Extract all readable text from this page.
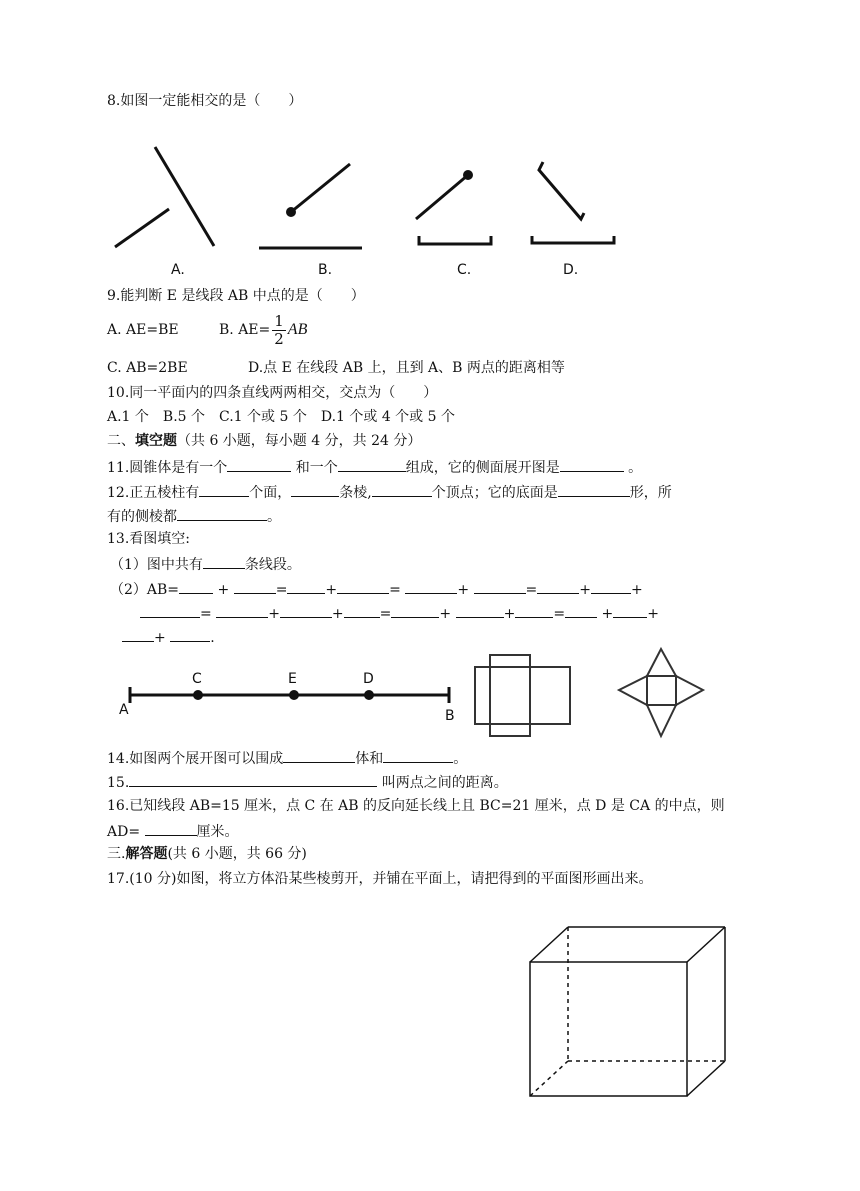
8.如图一定能相交的是（　　）
A.	B.	C.	D.
9.能判断 E 是线段 AB 中点的是（　　）
A. AE=BE	B. $AE= \frac{1}{2}$ AB
C. AB=2BE	D.点 E 在线段 AB 上，且到 A、B 两点的距离相等
10.同一平面内的四条直线两两相交，交点为（　　）
A.1 个　B.5 个　C.1 个或 5 个　D.1 个或 4 个或 5 个
二、填空题（共 6 小题，每小题 4 分，共 24 分）
11.圆锥体是有一个	和一个	组成，它的侧面展开图是	。
12.正五棱柱有	个面，	条棱,	个顶点；它的底面是	形，所
有的侧棱都	。
13.看图填空:
（1）图中共有	条线段。
（2）AB=	+	=	+	=	+	=	+	+
=	+	+	=	+	+	=	+ +
+	.
A
C	E	D
B
14.如图两个展开图可以围成	体和	。
15.	叫两点之间的距离。
16.已知线段 AB=15 厘米，点 C 在 AB 的反向延长线上且 BC=21 厘米，点 D 是 CA 的中点，则
AD=	厘米。
三.解答题(共 6 小题，共 66 分)
17.(10 分)如图，将立方体沿某些棱剪开，并铺在平面上，请把得到的平面图形画出来。
